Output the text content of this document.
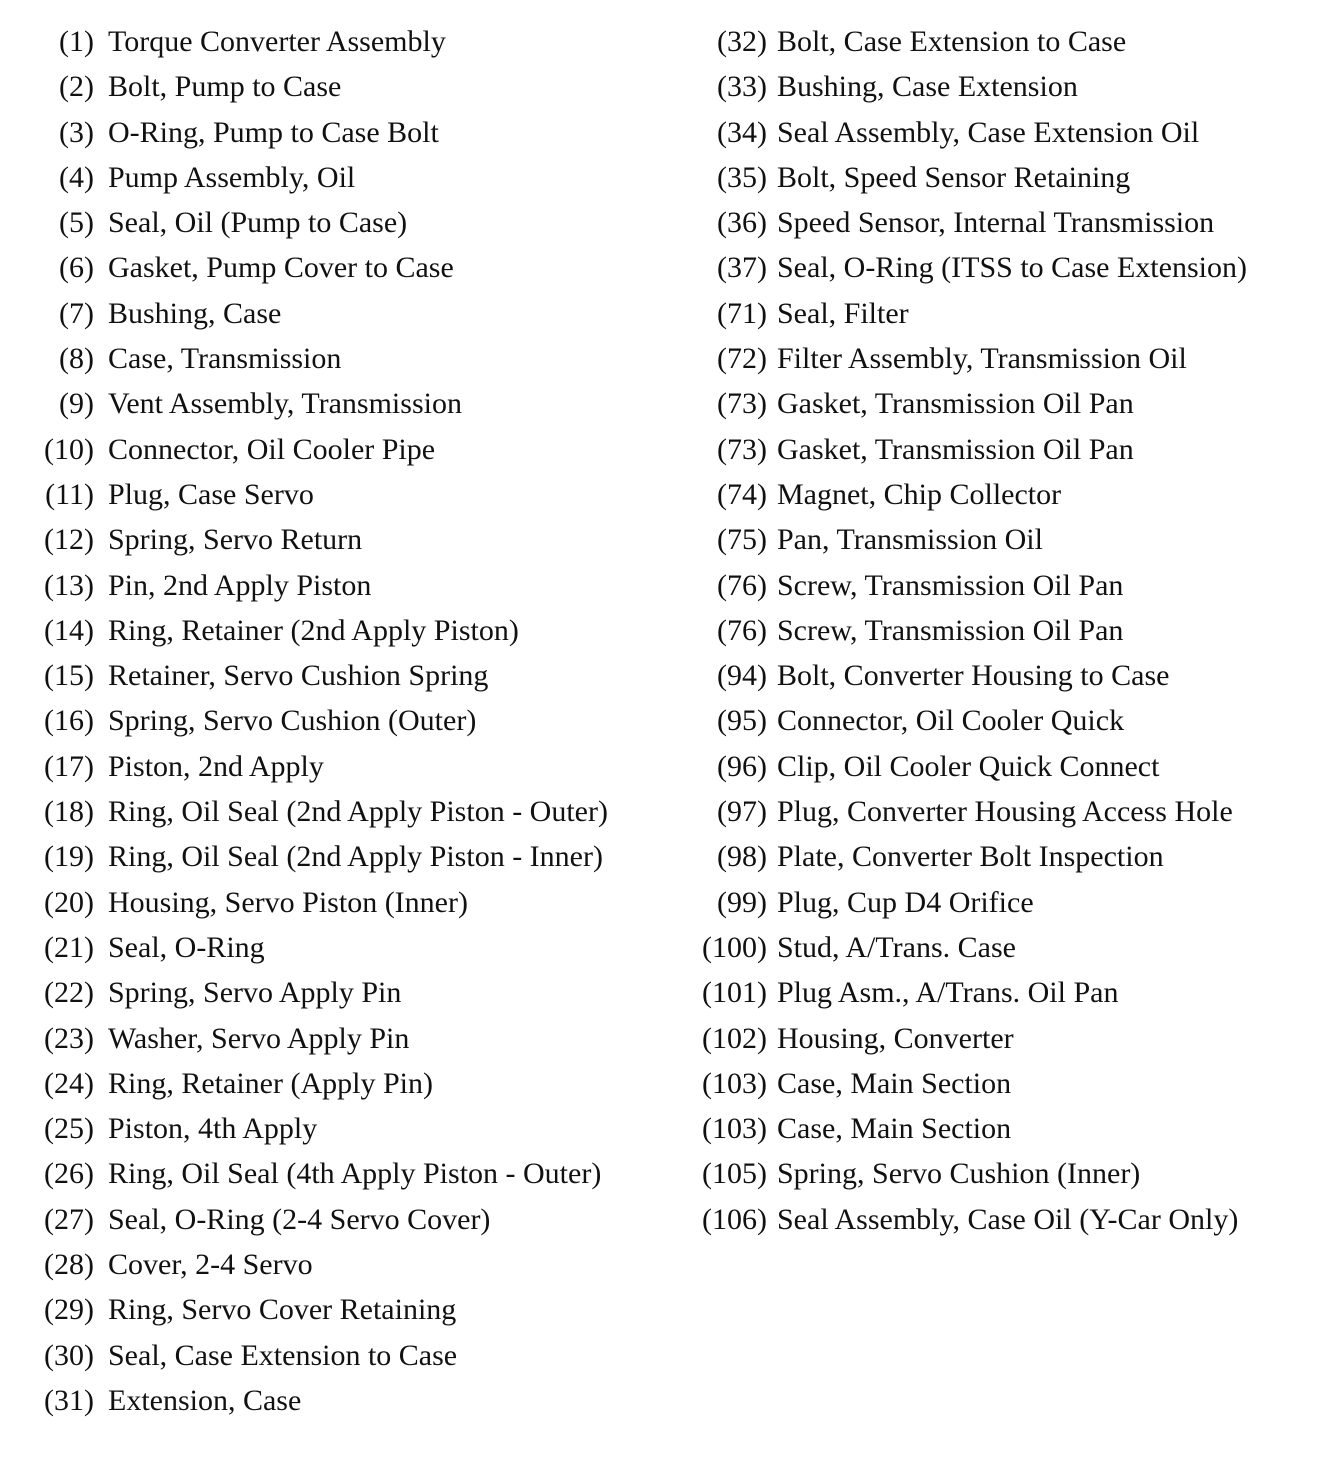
(1) Torque Converter Assembly
(2) Bolt, Pump to Case
(3) O-Ring, Pump to Case Bolt
(4) Pump Assembly, Oil
(5) Seal, Oil (Pump to Case)
(6) Gasket, Pump Cover to Case
(7) Bushing, Case
(8) Case, Transmission
(9) Vent Assembly, Transmission
(10) Connector, Oil Cooler Pipe
(11) Plug, Case Servo
(12) Spring, Servo Return
(13) Pin, 2nd Apply Piston
(14) Ring, Retainer (2nd Apply Piston)
(15) Retainer, Servo Cushion Spring
(16) Spring, Servo Cushion (Outer)
(17) Piston, 2nd Apply
(18) Ring, Oil Seal (2nd Apply Piston - Outer)
(19) Ring, Oil Seal (2nd Apply Piston - Inner)
(20) Housing, Servo Piston (Inner)
(21) Seal, O-Ring
(22) Spring, Servo Apply Pin
(23) Washer, Servo Apply Pin
(24) Ring, Retainer (Apply Pin)
(25) Piston, 4th Apply
(26) Ring, Oil Seal (4th Apply Piston - Outer)
(27) Seal, O-Ring (2-4 Servo Cover)
(28) Cover, 2-4 Servo
(29) Ring, Servo Cover Retaining
(30) Seal, Case Extension to Case
(31) Extension, Case
(32) Bolt, Case Extension to Case
(33) Bushing, Case Extension
(34) Seal Assembly, Case Extension Oil
(35) Bolt, Speed Sensor Retaining
(36) Speed Sensor, Internal Transmission
(37) Seal, O-Ring (ITSS to Case Extension)
(71) Seal, Filter
(72) Filter Assembly, Transmission Oil
(73) Gasket, Transmission Oil Pan
(73) Gasket, Transmission Oil Pan
(74) Magnet, Chip Collector
(75) Pan, Transmission Oil
(76) Screw, Transmission Oil Pan
(76) Screw, Transmission Oil Pan
(94) Bolt, Converter Housing to Case
(95) Connector, Oil Cooler Quick
(96) Clip, Oil Cooler Quick Connect
(97) Plug, Converter Housing Access Hole
(98) Plate, Converter Bolt Inspection
(99) Plug, Cup D4 Orifice
(100) Stud, A/Trans. Case
(101) Plug Asm., A/Trans. Oil Pan
(102) Housing, Converter
(103) Case, Main Section
(103) Case, Main Section
(105) Spring, Servo Cushion (Inner)
(106) Seal Assembly, Case Oil (Y-Car Only)
